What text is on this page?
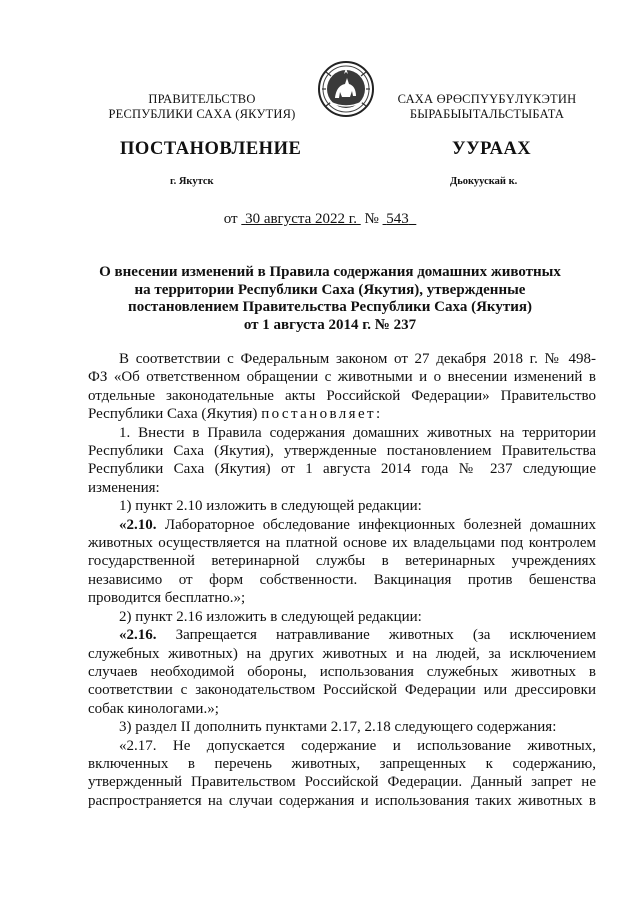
ПРАВИТЕЛЬСТВО
РЕСПУБЛИКИ САХА (ЯКУТИЯ)
САХА ӨРӨСПҮҮБҮЛҮКЭТИН
БЫРАБЫЫТАЛЬСТЫБАТА
ПОСТАНОВЛЕНИЕ	УУРААХ
г. Якутск	Дьокуускай к.
от 30 августа 2022 г. № 543
О внесении изменений в Правила содержания домашних животных
на территории Республики Саха (Якутия), утвержденные
постановлением Правительства Республики Саха (Якутия)
от 1 августа 2014 г. № 237
В соответствии с Федеральным законом от 27 декабря 2018 г. № 498-
ФЗ «Об ответственном обращении с животными и о внесении изменений в
отдельные законодательные акты Российской Федерации» Правительство
Республики Саха (Якутия) постановляет:
1. Внести в Правила содержания домашних животных на территории
Республики Саха (Якутия), утвержденные постановлением Правительства
Республики Саха (Якутия) от 1 августа 2014 года № 237 следующие
изменения:
1) пункт 2.10 изложить в следующей редакции:
«2.10. Лабораторное обследование инфекционных болезней домашних
животных осуществляется на платной основе их владельцами под контролем
государственной ветеринарной службы в ветеринарных учреждениях
независимо от форм собственности. Вакцинация против бешенства
проводится бесплатно.»;
2) пункт 2.16 изложить в следующей редакции:
«2.16. Запрещается натравливание животных (за исключением
служебных животных) на других животных и на людей, за исключением
случаев необходимой обороны, использования служебных животных в
соответствии с законодательством Российской Федерации или дрессировки
собак кинологами.»;
3) раздел II дополнить пунктами 2.17, 2.18 следующего содержания:
«2.17. Не допускается содержание и использование животных,
включенных в перечень животных, запрещенных к содержанию,
утвержденный Правительством Российской Федерации. Данный запрет не
распространяется на случаи содержания и использования таких животных в
